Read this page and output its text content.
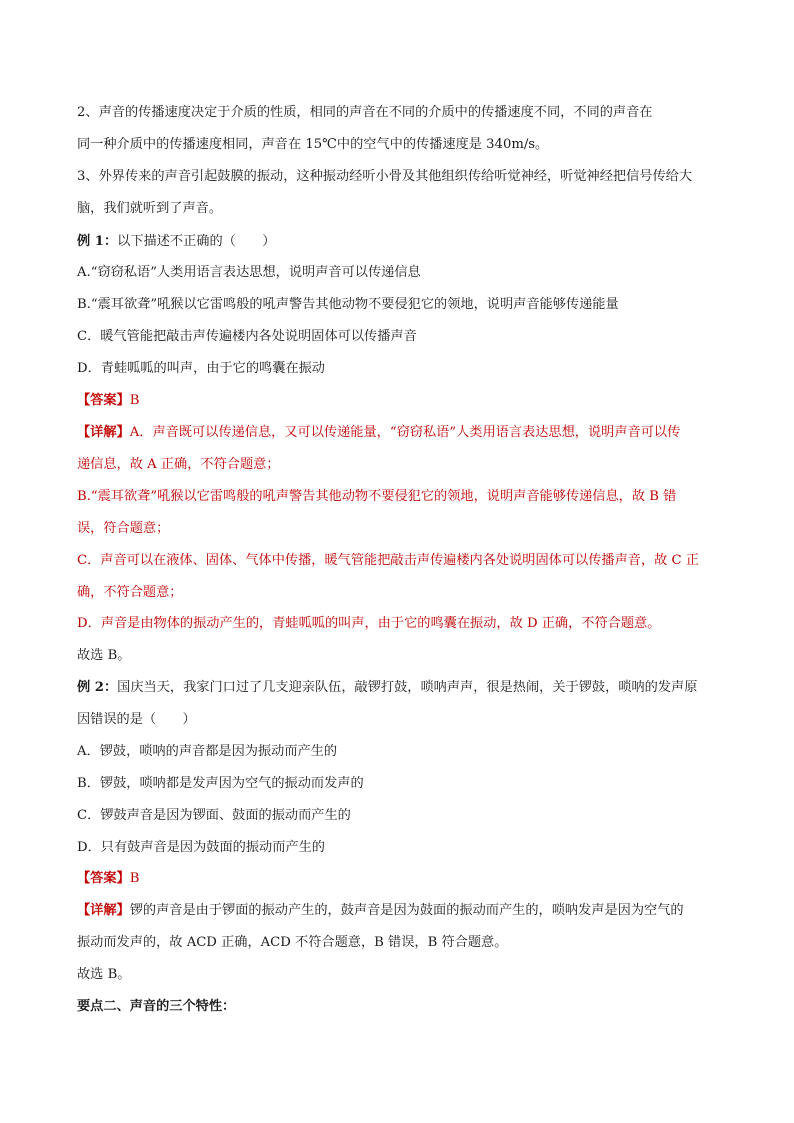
2、声音的传播速度决定于介质的性质，相同的声音在不同的介质中的传播速度不同，不同的声音在
同一种介质中的传播速度相同，声音在 15℃中的空气中的传播速度是 340m/s。
3、外界传来的声音引起鼓膜的振动，这种振动经听小骨及其他组织传给听觉神经，听觉神经把信号传给大
脑，我们就听到了声音。
例 1：以下描述不正确的（　　）
A.“窃窃私语”人类用语言表达思想，说明声音可以传递信息
B.“震耳欲聋”吼猴以它雷鸣般的吼声警告其他动物不要侵犯它的领地，说明声音能够传递能量
C．暖气管能把敲击声传遍楼内各处说明固体可以传播声音
D．青蛙呱呱的叫声，由于它的鸣囊在振动
【答案】B
【详解】A．声音既可以传递信息，又可以传递能量，“窃窃私语”人类用语言表达思想，说明声音可以传
递信息，故 A 正确，不符合题意；
B.“震耳欲聋”吼猴以它雷鸣般的吼声警告其他动物不要侵犯它的领地，说明声音能够传递信息，故 B 错
误，符合题意；
C．声音可以在液体、固体、气体中传播，暖气管能把敲击声传遍楼内各处说明固体可以传播声音，故 C 正
确，不符合题意；
D．声音是由物体的振动产生的，青蛙呱呱的叫声，由于它的鸣囊在振动，故 D 正确，不符合题意。
故选 B。
例 2：国庆当天，我家门口过了几支迎亲队伍，敲锣打鼓，唢呐声声，很是热闹，关于锣鼓，唢呐的发声原
因错误的是（　　）
A．锣鼓，唢呐的声音都是因为振动而产生的
B．锣鼓，唢呐都是发声因为空气的振动而发声的
C．锣鼓声音是因为锣面、鼓面的振动而产生的
D．只有鼓声音是因为鼓面的振动而产生的
【答案】B
【详解】锣的声音是由于锣面的振动产生的，鼓声音是因为鼓面的振动而产生的，唢呐发声是因为空气的
振动而发声的，故 ACD 正确，ACD 不符合题意，B 错误，B 符合题意。
故选 B。
要点二、声音的三个特性：
